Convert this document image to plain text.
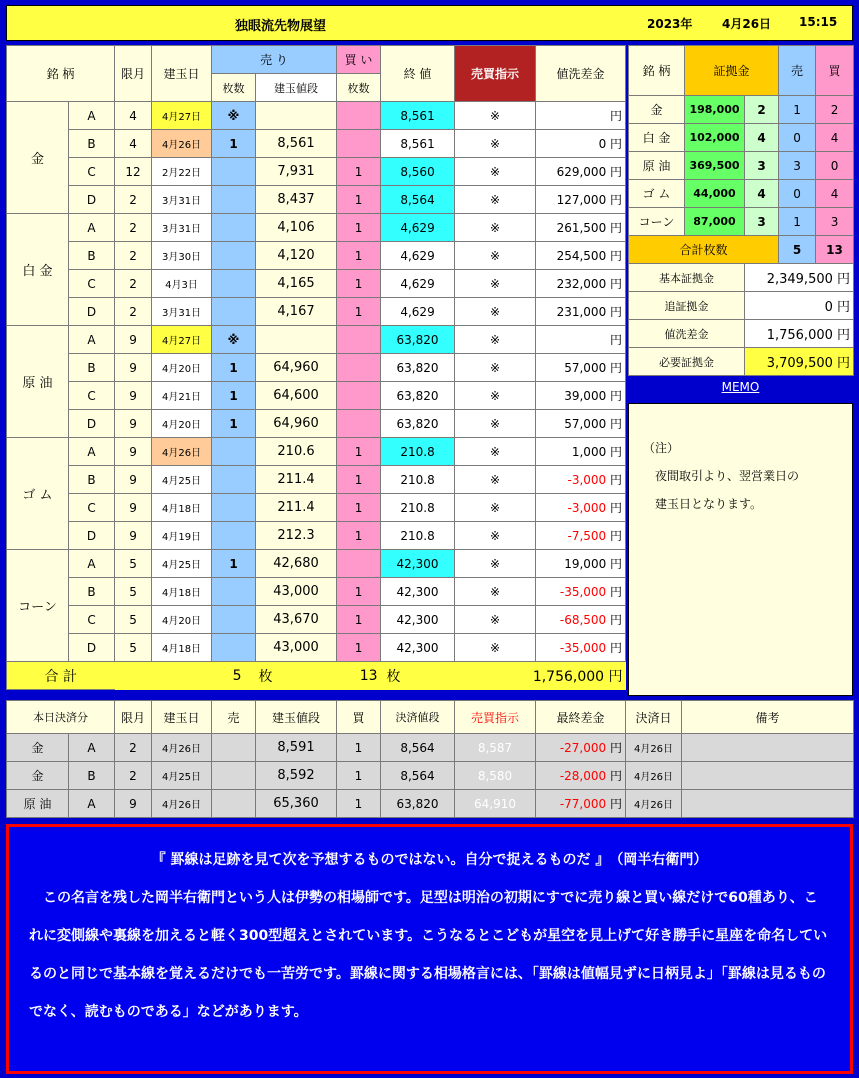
独眼流先物展望	2023年 4月26日 15:15
銘 柄		限月	建玉日	売 り		買 い	終 値	売買指示	値洗差金
				枚数	建玉値段	枚数			
金	A	4	4月27日	※			8,561	※	円
	B	4	4月26日	1	8,561		8,561	※	0 円
	C	12	2月22日		7,931	1	8,560	※	629,000 円
	D	2	3月31日		8,437	1	8,564	※	127,000 円
白 金	A	2	3月31日		4,106	1	4,629	※	261,500 円
	B	2	3月30日		4,120	1	4,629	※	254,500 円
	C	2	4月3日		4,165	1	4,629	※	232,000 円
	D	2	3月31日		4,167	1	4,629	※	231,000 円
原 油	A	9	4月27日	※			63,820	※	円
	B	9	4月20日	1	64,960		63,820	※	57,000 円
	C	9	4月21日	1	64,600		63,820	※	39,000 円
	D	9	4月20日	1	64,960		63,820	※	57,000 円
ゴ ム	A	9	4月26日		210.6	1	210.8	※	1,000 円
	B	9	4月25日		211.4	1	210.8	※	-3,000 円
	C	9	4月18日		211.4	1	210.8	※	-3,000 円
	D	9	4月19日		212.3	1	210.8	※	-7,500 円
コーン	A	5	4月25日	1	42,680		42,300	※	19,000 円
	B	5	4月18日		43,000	1	42,300	※	-35,000 円
	C	5	4月20日		43,670	1	42,300	※	-68,500 円
	D	5	4月18日		43,000	1	42,300	※	-35,000 円
合 計		5			枚	13	枚	1,756,000 円	
銘 柄	証拠金		売	買
金	198,000	2	1	2
白 金	102,000	4	0	4
原 油	369,500	3	3	0
ゴ ム	44,000	4	0	4
コーン	87,000	3	1	3
合計枚数			5	13
基本証拠金		2,349,500 円		
追証拠金		0 円		
値洗差金		1,756,000 円		
必要証拠金		3,709,500 円		
MEMO
（注）
　夜間取引より、翌営業日の
　建玉日となります。
本日決済分		限月	建玉日	売	建玉値段	買	決済値段	売買指示	最終差金	決済日	備考
金	A	2	4月26日		8,591	1	8,564	8,587	-27,000 円	4月26日	
金	B	2	4月25日		8,592	1	8,564	8,580	-28,000 円	4月26日	
原 油	A	9	4月26日		65,360	1	63,820	64,910	-77,000 円	4月26日	
『 罫線は足跡を見て次を予想するものではない。自分で捉えるものだ 』　（岡半右衛門）
　この名言を残した岡半右衛門という人は伊勢の相場師です。足型は明治の初期にすでに売り線と買い線だけで60種あり、これに変側線や裏線を加えると軽く300型超えとされています。こうなるとこどもが星空を見上げて好き勝手に星座を命名しているのと同じで基本線を覚えるだけでも一苦労です。罫線に関する相場格言には、「罫線は値幅見ずに日柄見よ」「罫線は見るものでなく、読むものである」などがあります。
